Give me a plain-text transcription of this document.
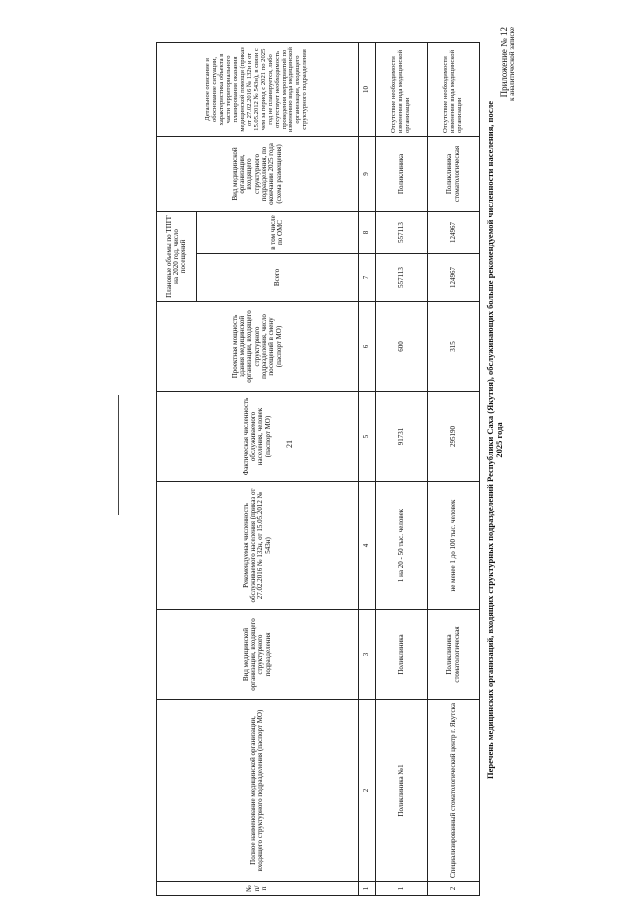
21
Приложение № 12 к аналитической записке
Перечень медицинских организаций, входящих структурных подразделений Республики Саха (Якутия), обслуживающих больше рекомендуемой численности населения, после 2025 года
№ п/п	Полное наименование медицинской организации, входящего структурного подразделения (паспорт МО)	Вид медицинской организации, входящего структурного подразделения	Рекомендуемая численность обслуживаемого населения (приказ от 27.02.2016 № 132н, от 15.05.2012 № 543н)	Фактическая численность обслуживаемого населения, человек (паспорт МО)	Проектная мощность здания медицинской организации, входящего структурного подразделения, число посещений в смену (паспорт МО)	Плановые объемы по ТПГГ на 2020 год, число посещений		Вид медицинской организации, входящего структурного подразделения, по окончании 2025 года (схема размещения)	Детальное описание и обоснование ситуации, характеристика объекта в части территориального планирования оказания медицинской помощи (приказ от 27.02.2016 № 132н и от 15.05.2012 № 543н), в связи с чем за период с 2021 по 2025 год не планируется, либо отсутствует необходимость проведения мероприятий по изменению вида медицинской организации, входящего структурного подразделения
						Всего	в том числе по ОМС		
1	2	3	4	5	6	7	8	9	10
1	Поликлиника №1	Поликлиника	1 на 20 - 50 тыс. человек	91731	600	557113	557113	Поликлиника	Отсутствие необходимости изменения вида медицинской организации
2	Специализированный стоматологический центр г. Якутска	Поликлиника стоматологическая	не менее 1 до 100 тыс. человек	295190	315	124967	124967	Поликлиника стоматологическая	Отсутствие необходимости изменения вида медицинской организации
